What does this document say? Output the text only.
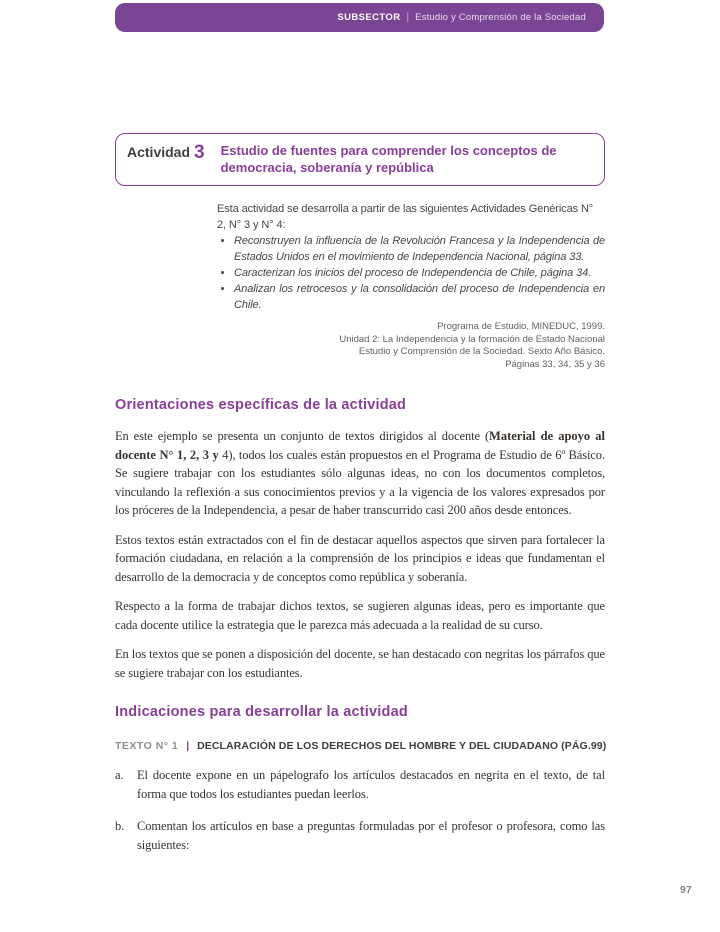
SUBSECTOR | Estudio y Comprensión de la Sociedad
Actividad 3 Estudio de fuentes para comprender los conceptos de democracia, soberanía y república

Esta actividad se desarrolla a partir de las siguientes Actividades Genéricas N° 2, N° 3 y N° 4:

• Reconstruyen la influencia de la Revolución Francesa y la Independencia de Estados Unidos en el movimiento de Independencia Nacional, página 33.
• Caracterizan los inicios del proceso de Independencia de Chile, página 34.
• Analizan los retrocesos y la consolidación del proceso de Independencia en Chile.
Programa de Estudio, MINEDUC, 1999.
Unidad 2: La Independencia y la formación de Estado Nacional
Estudio y Comprensión de la Sociedad. Sexto Año Básico.
Páginas 33, 34, 35 y 36
Orientaciones específicas de la actividad

En este ejemplo se presenta un conjunto de textos dirigidos al docente (Material de apoyo al docente N° 1, 2, 3 y 4), todos los cuales están propuestos en el Programa de Estudio de 6º Básico. Se sugiere trabajar con los estudiantes sólo algunas ideas, no con los documentos completos, vinculando la reflexión a sus conocimientos previos y a la vigencia de los valores expresados por los próceres de la Independencia, a pesar de haber transcurrido casi 200 años desde entonces.

Estos textos están extractados con el fin de destacar aquellos aspectos que sirven para fortalecer la formación ciudadana, en relación a la comprensión de los principios e ideas que fundamentan el desarrollo de la democracia y de conceptos como república y soberanía.

Respecto a la forma de trabajar dichos textos, se sugieren algunas ideas, pero es importante que cada docente utilice la estrategia que le parezca más adecuada a la realidad de su curso.

En los textos que se ponen a disposición del docente, se han destacado con negritas los párrafos que se sugiere trabajar con los estudiantes.

Indicaciones para desarrollar la actividad
TEXTO N° 1 | DECLARACIÓN DE LOS DERECHOS DEL HOMBRE Y DEL CIUDADANO (PÁG.99)
a.	El docente expone en un pápelografo los artículos destacados en negrita en el texto, de tal forma que todos los estudiantes puedan leerlos.
b.	Comentan los artículos en base a preguntas formuladas por el profesor o profesora, como las siguientes:
97
